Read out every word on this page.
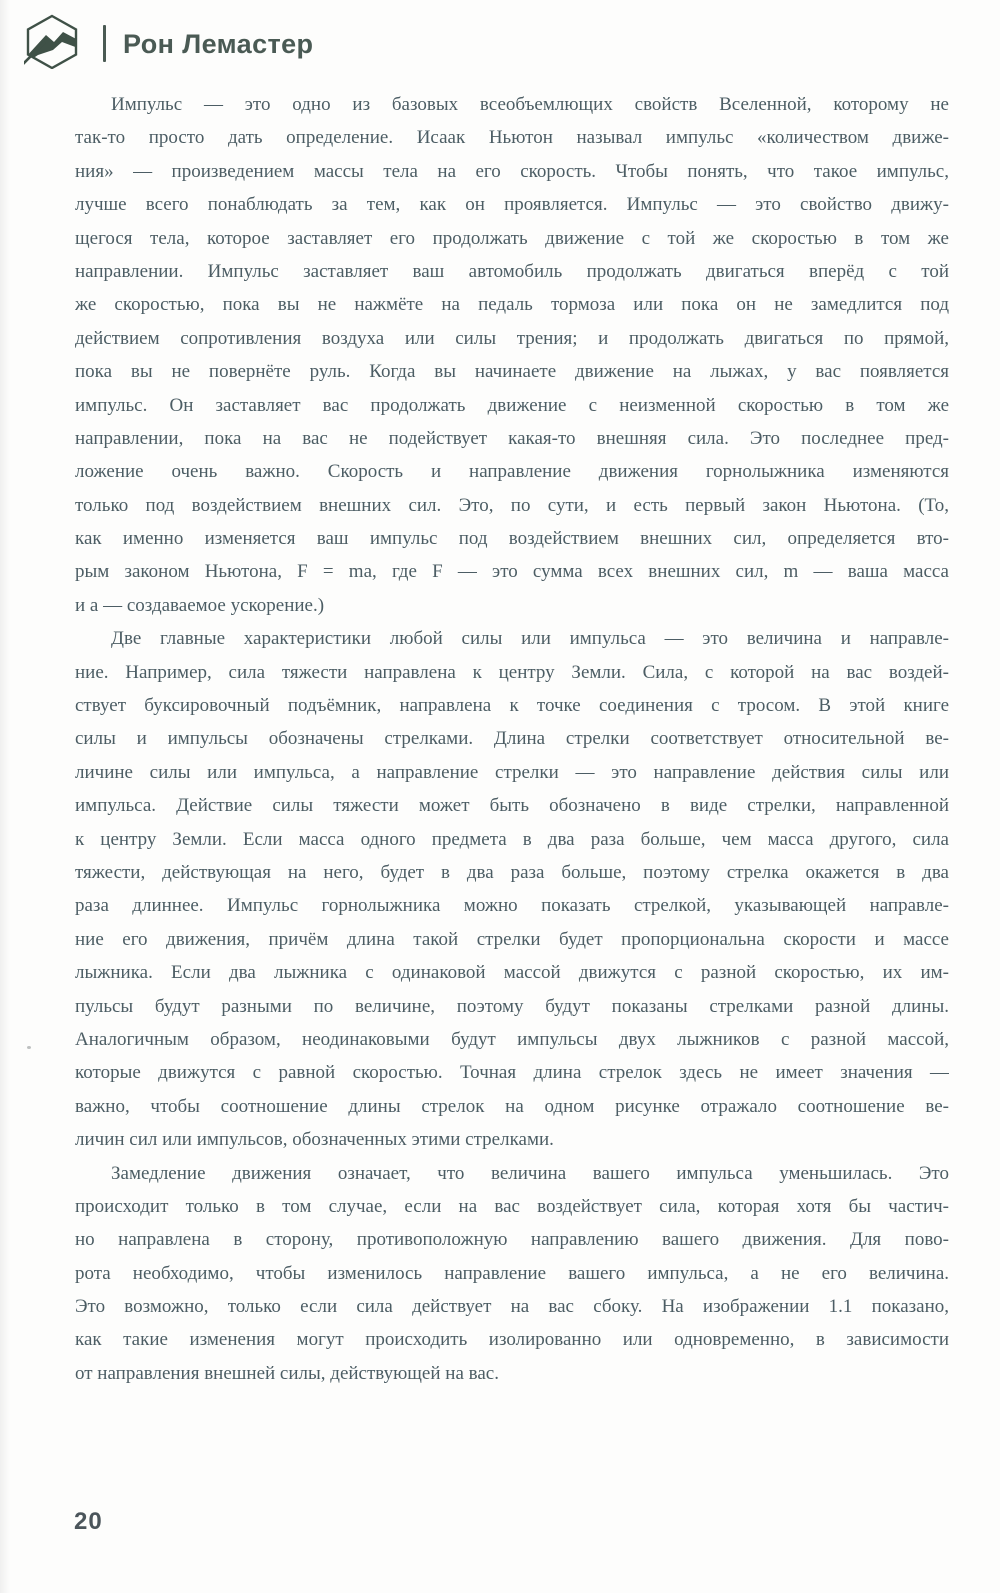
Рон Лемастер
Импульс — это одно из базовых всеобъемлющих свойств Вселенной, которому не
так-то просто дать определение. Исаак Ньютон называл импульс «количеством движе-
ния» — произведением массы тела на его скорость. Чтобы понять, что такое импульс,
лучше всего понаблюдать за тем, как он проявляется. Импульс — это свойство движу-
щегося тела, которое заставляет его продолжать движение с той же скоростью в том же
направлении. Импульс заставляет ваш автомобиль продолжать двигаться вперёд с той
же скоростью, пока вы не нажмёте на педаль тормоза или пока он не замедлится под
действием сопротивления воздуха или силы трения; и продолжать двигаться по прямой,
пока вы не повернёте руль. Когда вы начинаете движение на лыжах, у вас появляется
импульс. Он заставляет вас продолжать движение с неизменной скоростью в том же
направлении, пока на вас не подействует какая-то внешняя сила. Это последнее пред-
ложение очень важно. Скорость и направление движения горнолыжника изменяются
только под воздействием внешних сил. Это, по сути, и есть первый закон Ньютона. (То,
как именно изменяется ваш импульс под воздействием внешних сил, определяется вто-
рым законом Ньютона, F = ma, где F — это сумма всех внешних сил, m — ваша масса
и a — создаваемое ускорение.)
Две главные характеристики любой силы или импульса — это величина и направле-
ние. Например, сила тяжести направлена к центру Земли. Сила, с которой на вас воздей-
ствует буксировочный подъёмник, направлена к точке соединения с тросом. В этой книге
силы и импульсы обозначены стрелками. Длина стрелки соответствует относительной ве-
личине силы или импульса, а направление стрелки — это направление действия силы или
импульса. Действие силы тяжести может быть обозначено в виде стрелки, направленной
к центру Земли. Если масса одного предмета в два раза больше, чем масса другого, сила
тяжести, действующая на него, будет в два раза больше, поэтому стрелка окажется в два
раза длиннее. Импульс горнолыжника можно показать стрелкой, указывающей направле-
ние его движения, причём длина такой стрелки будет пропорциональна скорости и массе
лыжника. Если два лыжника с одинаковой массой движутся с разной скоростью, их им-
пульсы будут разными по величине, поэтому будут показаны стрелками разной длины.
Аналогичным образом, неодинаковыми будут импульсы двух лыжников с разной массой,
которые движутся с равной скоростью. Точная длина стрелок здесь не имеет значения —
важно, чтобы соотношение длины стрелок на одном рисунке отражало соотношение ве-
личин сил или импульсов, обозначенных этими стрелками.
Замедление движения означает, что величина вашего импульса уменьшилась. Это
происходит только в том случае, если на вас воздействует сила, которая хотя бы частич-
но направлена в сторону, противоположную направлению вашего движения. Для пово-
рота необходимо, чтобы изменилось направление вашего импульса, а не его величина.
Это возможно, только если сила действует на вас сбоку. На изображении 1.1 показано,
как такие изменения могут происходить изолированно или одновременно, в зависимости
от направления внешней силы, действующей на вас.
20
